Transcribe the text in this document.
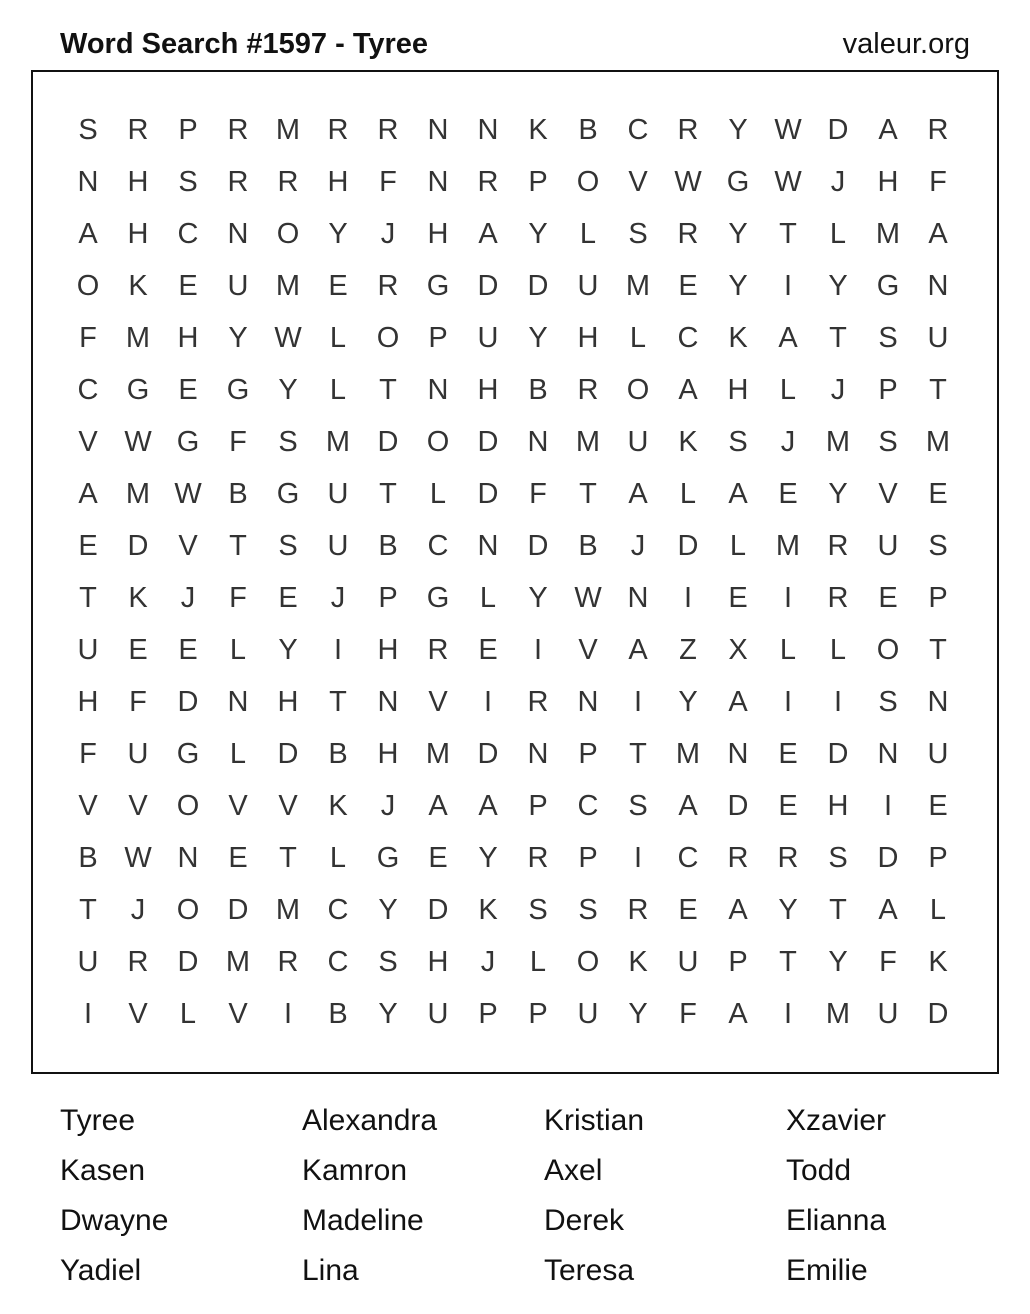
Word Search #1597 - Tyree	valeur.org
S	R	P	R M R	R	N	N	K	B	C	R	Y W D	A	R
N	H	S	R	R	H	F	N	R	P	O	V W G W	J	H	F
A	H	C	N O	Y	J	H	A	Y	L	S	R	Y	T	L	M A
O	K	E	U M E	R G D	D	U M E	Y	I	Y	G N
F	M H	Y W L	O	P	U	Y	H	L	C	K	A	T	S	U
C G	E	G	Y	L	T	N	H	B	R O	A	H	L	J	P	T
V W G	F	S M D O D	N M U	K	S	J	M S M
A M W B	G U	T	L	D	F	T	A	L	A	E	Y	V	E
E	D	V	T	S	U	B	C	N	D	B	J	D	L	M R	U	S
T	K	J	F	E	J	P	G	L	Y W N	I	E	I	R	E	P
U	E	E	L	Y	I	H	R	E	I	V	A	Z	X	L	L	O	T
H	F	D	N	H	T	N	V	I	R	N	I	Y	A	I	I	S	N
F	U G	L	D	B	H M D	N	P	T	M N	E	D	N	U
V	V	O	V	V	K	J	A	A	P	C	S	A	D	E	H	I	E
B W N	E	T	L	G	E	Y	R	P	I	C	R	R	S	D	P
T	J	O D M C	Y	D	K	S	S	R	E	A	Y	T	A	L
U	R	D M R	C	S	H	J	L	O	K	U	P	T	Y	F	K
I	V	L	V	I	B	Y	U	P	P	U	Y	F	A	I	M U	D
Tyree	Alexandra	Kristian	Xzavier
Kasen	Kamron	Axel	Todd
Dwayne	Madeline	Derek	Elianna
Yadiel	Lina	Teresa	Emilie
